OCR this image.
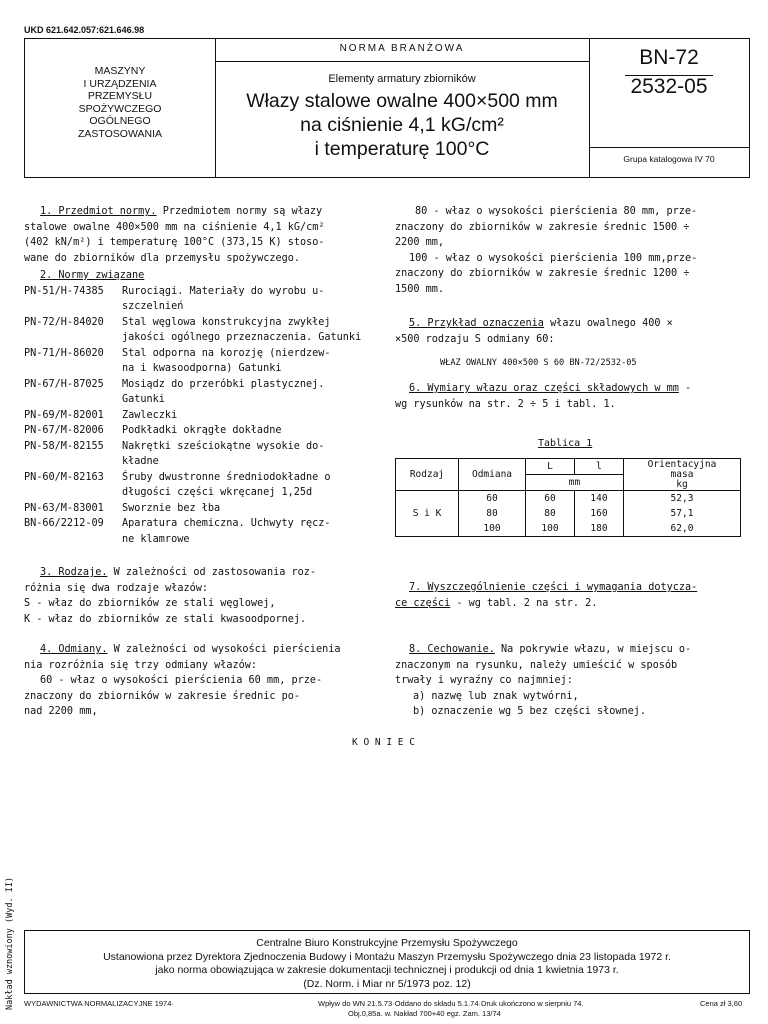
UKD 621.642.057:621.646.98
MASZYNY
I URZĄDZENIA
PRZEMYSŁU
SPOŻYWCZEGO
OGÓLNEGO
ZASTOSOWANIA
NORMA BRANŻOWA
Elementy armatury zbiorników
Włazy stalowe owalne 400×500 mm
na ciśnienie 4,1 kG/cm²
i temperaturę 100°C
BN-72
2532-05
Grupa katalogowa IV 70
1. Przedmiot normy. Przedmiotem normy są włazy
stalowe owalne 400×500 mm na ciśnienie 4,1 kG/cm²
(402 kN/m²) i temperaturę 100°C (373,15 K) stoso-
wane do zbiorników dla przemysłu spożywczego.
2. Normy związane
PN-51/H-74385 Rurociągi. Materiały do wyrobu u-
szczelnień
PN-72/H-84020 Stal węglowa konstrukcyjna zwykłej
jakości ogólnego przeznaczenia. Gatunki
PN-71/H-86020 Stal odporna na korozję (nierdzew-
na i kwasoodporna) Gatunki
PN-67/H-87025 Mosiądz do przeróbki plastycznej.
Gatunki
PN-69/M-82001 Zawleczki
PN-67/M-82006 Podkładki okrągłe dokładne
PN-58/M-82155 Nakrętki sześciokątne wysokie do-
kładne
PN-60/M-82163 Śruby dwustronne średniodokładne o
długości części wkręcanej 1,25d
PN-63/M-83001 Sworznie bez łba
BN-66/2212-09 Aparatura chemiczna. Uchwyty ręcz-
ne klamrowe
3. Rodzaje. W zależności od zastosowania roz-
różnia się dwa rodzaje włazów:
S - właz do zbiorników ze stali węglowej,
K - właz do zbiorników ze stali kwasoodpornej.
4. Odmiany. W zależności od wysokości pierścienia
nia rozróżnia się trzy odmiany włazów:
60 - właz o wysokości pierścienia 60 mm, prze-
znaczony do zbiorników w zakresie średnic po-
nad 2200 mm,
80 - właz o wysokości pierścienia 80 mm, prze-
znaczony do zbiorników w zakresie średnic 1500 ÷
2200 mm,
100 - właz o wysokości pierścienia 100 mm,prze-
znaczony do zbiorników w zakresie średnic 1200 ÷
1500 mm.
5. Przykład oznaczenia włazu owalnego 400 ×
×500 rodzaju S odmiany 60:
WŁAZ OWALNY 400×500 S 60 BN-72/2532-05
6. Wymiary włazu oraz części składowych w mm -
wg rysunków na str. 2 ÷ 5 i tabl. 1.
Tablica 1
Rodzaj	Odmiana	L	l	Orientacyjna
masa
kg

		mm		
S i K	60	60	140	52,3
	80	80	160	57,1
	100	100	180	62,0
7. Wyszczególnienie części i wymagania dotycza-
ce części - wg tabl. 2 na str. 2.
8. Cechowanie. Na pokrywie włazu, w miejscu o-
znaczonym na rysunku, należy umieścić w sposób
trwały i wyraźny co najmniej:
a) nazwę lub znak wytwórni,
b) oznaczenie wg 5 bez części słownej.
K O N I E C
Nakład wznowiony (Wyd. II)	Centralne Biuro Konstrukcyjne Przemysłu Spożywczego
Ustanowiona przez Dyrektora Zjednoczenia Budowy i Montażu Maszyn Przemysłu Spożywczego dnia 23 listopada 1972 r.
jako norma obowiązująca w zakresie dokumentacji technicznej i produkcji od dnia 1 kwietnia 1973 r.
(Dz. Norm. i Miar nr 5/1973 poz. 12)
WYDAWNICTWA NORMALIZACYJNE 1974·	Wpływ do WN 21.5.73·Oddano do składu 5.1.74·Druk ukończono w sierpniu 74.
Obj.0,85a. w. Nakład 700+40 egz. Zam. 13/74
Cena zł 3,60
